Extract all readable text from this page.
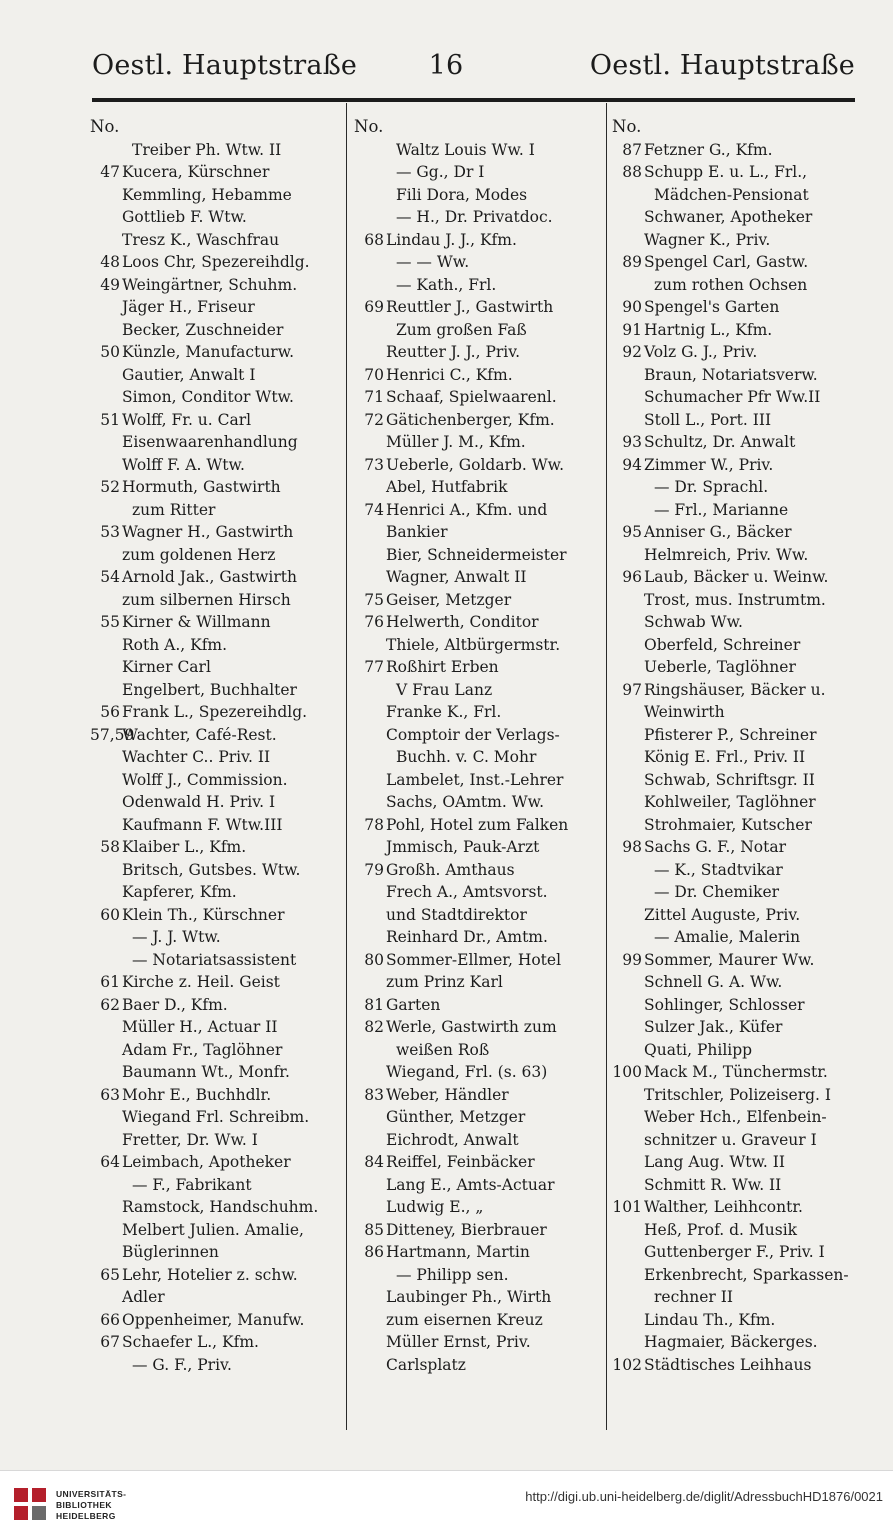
Oestl. Hauptstraße	16	Oestl. Hauptstraße
No.
Treiber Ph. Wtw. II
47 Kucera, Kürschner
Kemmling, Hebamme
Gottlieb F. Wtw.
Tresz K., Waschfrau
48 Loos Chr, Spezereihdlg.
49 Weingärtner, Schuhm.
Jäger H., Friseur
Becker, Zuschneider
50 Künzle, Manufacturw.
Gautier, Anwalt I
Simon, Conditor Wtw.
51 Wolff, Fr. u. Carl
Eisenwaarenhandlung
Wolff F. A. Wtw.
52 Hormuth, Gastwirth
zum Ritter
53 Wagner H., Gastwirth
zum goldenen Herz
54 Arnold Jak., Gastwirth
zum silbernen Hirsch
55 Kirner & Willmann
Roth A., Kfm.
Kirner Carl
Engelbert, Buchhalter
56 Frank L., Spezereihdlg.
57,59
Wachter, Café-Rest.
Wachter C.. Priv. II
Wolff J., Commission.
Odenwald H. Priv. I
Kaufmann F. Wtw.III
58 Klaiber L., Kfm.
Britsch, Gutsbes. Wtw.
Kapferer, Kfm.
60 Klein Th., Kürschner
— J. J. Wtw.
— Notariatsassistent
61 Kirche z. Heil. Geist
62 Baer D., Kfm.
Müller H., Actuar II
Adam Fr., Taglöhner
Baumann Wt., Monfr.
63 Mohr E., Buchhdlr.
Wiegand Frl. Schreibm.
Fretter, Dr. Ww. I
64 Leimbach, Apotheker
— F., Fabrikant
Ramstock, Handschuhm.
Melbert Julien. Amalie,
Büglerinnen
65 Lehr, Hotelier z. schw.
Adler
66 Oppenheimer, Manufw.
67 Schaefer L., Kfm.
— G. F., Priv.
No.
Waltz Louis Ww. I
— Gg., Dr I
Fili Dora, Modes
— H., Dr. Privatdoc.
68 Lindau J. J., Kfm.
— — Ww.
— Kath., Frl.
69 Reuttler J., Gastwirth
Zum großen Faß
Reutter J. J., Priv.
70 Henrici C., Kfm.
71 Schaaf, Spielwaarenl.
72 Gätichenberger, Kfm.
Müller J. M., Kfm.
73 Ueberle, Goldarb. Ww.
Abel, Hutfabrik
74 Henrici A., Kfm. und
Bankier
Bier, Schneidermeister
Wagner, Anwalt II
75 Geiser, Metzger
76 Helwerth, Conditor
Thiele, Altbürgermstr.
77 Roßhirt Erben
V Frau Lanz
Franke K., Frl.
Comptoir der Verlags-
Buchh. v. C. Mohr
Lambelet, Inst.-Lehrer
Sachs, OAmtm. Ww.
78 Pohl, Hotel zum Falken
Jmmisch, Pauk-Arzt
79 Großh. Amthaus
Frech A., Amtsvorst.
und Stadtdirektor
Reinhard Dr., Amtm.
80 Sommer-Ellmer, Hotel
zum Prinz Karl
81 Garten
82 Werle, Gastwirth zum
weißen Roß
Wiegand, Frl. (s. 63)
83 Weber, Händler
Günther, Metzger
Eichrodt, Anwalt
84 Reiffel, Feinbäcker
Lang E., Amts-Actuar
Ludwig E., „
85 Ditteney, Bierbrauer
86 Hartmann, Martin
— Philipp sen.
Laubinger Ph., Wirth
zum eisernen Kreuz
Müller Ernst, Priv.
Carlsplatz
No.
87 Fetzner G., Kfm.
88 Schupp E. u. L., Frl.,
Mädchen-Pensionat
Schwaner, Apotheker
Wagner K., Priv.
89 Spengel Carl, Gastw.
zum rothen Ochsen
90 Spengel's Garten
91 Hartnig L., Kfm.
92 Volz G. J., Priv.
Braun, Notariatsverw.
Schumacher Pfr Ww.II
Stoll L., Port. III
93 Schultz, Dr. Anwalt
94 Zimmer W., Priv.
— Dr. Sprachl.
— Frl., Marianne
95 Anniser G., Bäcker
Helmreich, Priv. Ww.
96 Laub, Bäcker u. Weinw.
Trost, mus. Instrumtm.
Schwab Ww.
Oberfeld, Schreiner
Ueberle, Taglöhner
97 Ringshäuser, Bäcker u.
Weinwirth
Pfisterer P., Schreiner
König E. Frl., Priv. II
Schwab, Schriftsgr. II
Kohlweiler, Taglöhner
Strohmaier, Kutscher
98 Sachs G. F., Notar
— K., Stadtvikar
— Dr. Chemiker
Zittel Auguste, Priv.
— Amalie, Malerin
99 Sommer, Maurer Ww.
Schnell G. A. Ww.
Sohlinger, Schlosser
Sulzer Jak., Küfer
Quati, Philipp
100 Mack M., Tünchermstr.
Tritschler, Polizeiserg. I
Weber Hch., Elfenbein-
schnitzer u. Graveur I
Lang Aug. Wtw. II
Schmitt R. Ww. II
101 Walther, Leihhcontr.
Heß, Prof. d. Musik
Guttenberger F., Priv. I
Erkenbrecht, Sparkassen-
rechner II
Lindau Th., Kfm.
Hagmaier, Bäckerges.
102 Städtisches Leihhaus
UNIVERSITÄTS-
BIBLIOTHEK
HEIDELBERG
http://digi.ub.uni-heidelberg.de/diglit/AdressbuchHD1876/0021
